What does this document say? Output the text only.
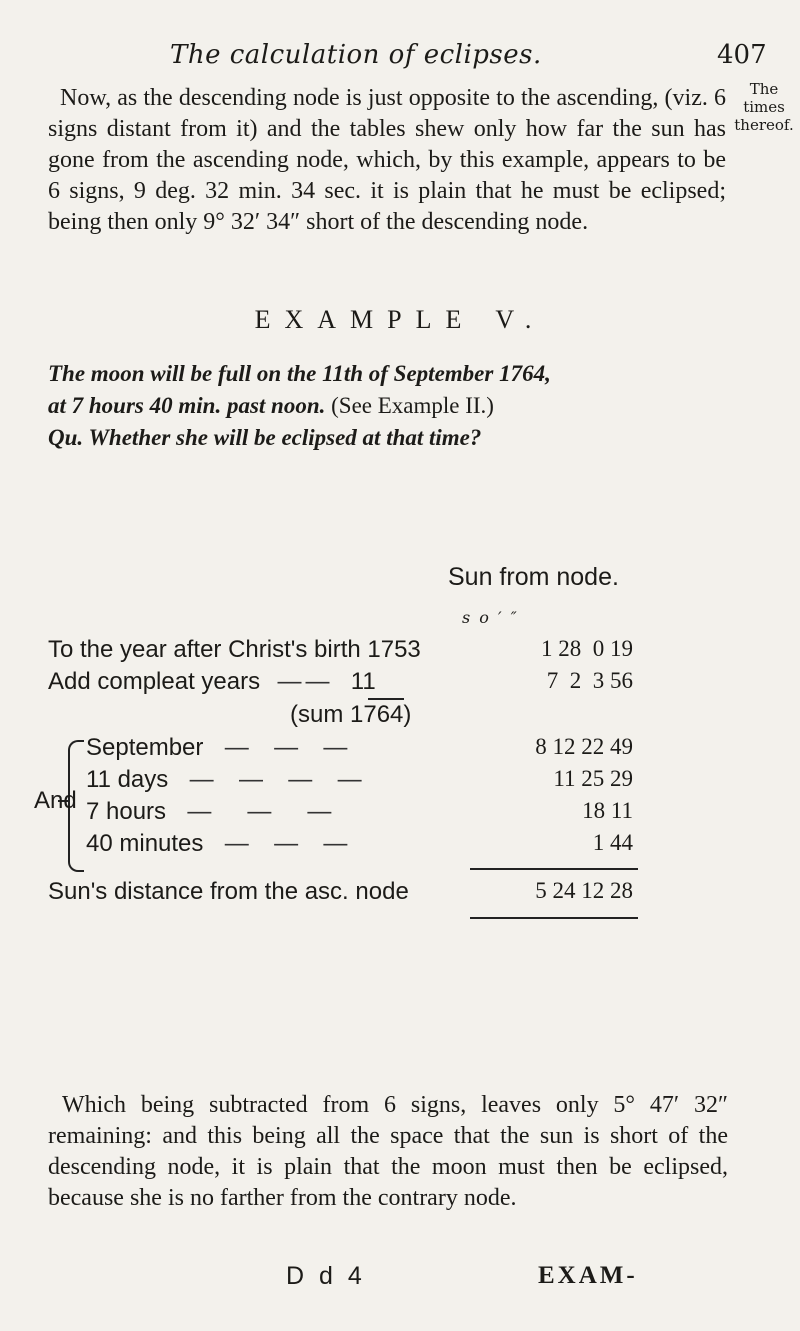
The calculation of eclipses.	407
The times thereof.

Now, as the descending node is just opposite to the ascending, (viz. 6 signs distant from it) and the tables shew only how far the sun has gone from the ascending node, which, by this example, appears to be 6 signs, 9 deg. 32 min. 34 sec. it is plain that he must be eclipsed; being then only 9° 32′ 34″ short of the descending node.

EXAMPLE V.

The moon will be full on the 11th of September 1764,
at 7 hours 40 min. past noon. (See Example II.)
Qu. Whether she will be eclipsed at that time?

Sun from node.
s o ′ ″
To the year after Christ's birth 1753	1 28  0 19
Add compleat years  ——  11	7  2  3 56
(sum 1764)
And
September  —  —  —	8 12 22 49
11 days  —  —  —  —	11 25 29
7 hours  —   —   —	18 11
40 minutes  —  —  —	1 44
Sun's distance from the asc. node	5 24 12 28

Which being subtracted from 6 signs, leaves only 5° 47′ 32″ remaining: and this being all the space that the sun is short of the descending node, it is plain that the moon must then be eclipsed, because she is no farther from the contrary node.

D d 4	EXAM-
